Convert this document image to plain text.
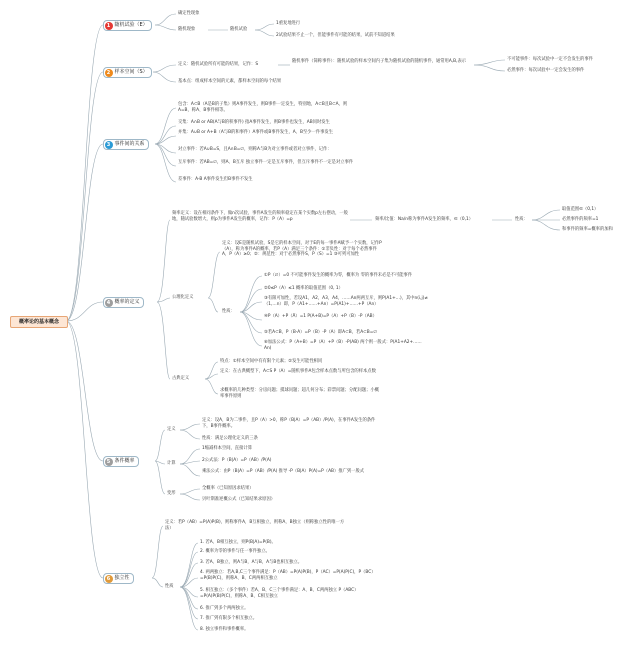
概率论的基本概念
1 随机试验（E）
2 样本空间（S）
3 事件间的关系
4 概率的定义
5 条件概率
6 独立性
确定性现象
随机现象	随机试验
1重复地进行
2试验结果不止一个，但能事件有可能的结果，试前不知道结果
定义：随机试验所有可能的结果，记作：S
基本点：组成样本空间的元素，都样本空间的每个结果
随机事件（简称事件）：随机试验的样本空间内子集为随机试验的随机事件，通常用A,B,表示	不可能事件：每次试验中一定不会发生的事件
必然事件：每次试验中一定会发生的事件
包含：A⊂B（A是B的子集）则A事件发生，则B事件一定发生，特别地，A⊂B且B⊂A，则A=B，称A、B事件相等。
交集：A∩B or AB(A与B的积事件) 指A事件发生，则B事件也发生，AB同时发生
并集：A∪B or A+B（A与B的和事件）A事件或B事件发生，A、B至少一件事发生
对立事件：若A∪B=S，且A∩B=∅，则称A与B为对立事件或者对立事件，记作：
互斥事件：若AB=∅，则A、B互斥 独立事件一定是互斥事件，但互斥事件不一定是对立事件
差事件：A-B A事件发生但B事件不发生
频率定义：设在相同条件下，做n次试验，事件A发生的频率稳定在某个实数p左右摆动，一般地，随试验数增大，则p为事件A发生的概率，记作：P（A）=p	频率/比值：Na/n称为事件A发生的频率，∈（0,1）	性质：
取值范围∈（0,1）
必然事件的频率=1
和事件的频率=概率的加和
公理化定义
定义：设E是随机试验，S是它的样本空间，对于E的每一事件A赋予一个实数，记作P（A），称为事件A的概率，若P（A）满足三个条件：①非负性：对于每个必然事件A，P（A）≥0；②：规范性：对于必然事件S，P（S）=1 ③可列可加性
性质：
①P（∅）=0 不可能事件发生的概率为零，概率为 零的事件未必是不可能事件
②0≤P（A）≤1 概率的取值范围（0, 1）
③有限可加性，若设A1，A2，A3，A4，……An两两互斥，则P(A1+…)，其中n(i,j)≠（1,…n）即，P（A1+……+An）=P(A1)+……+P（An）
④P（A）+P（Ā）=1 P(A+B)=P（A）+P（B）-P（AB）
⑤若A⊂B，P（B-A）=P（B）-P（A）即A⊂B，若A⊂B=∅
⑥加法公式：P（A+B）=P（A）+P（B）-P(AB) 两个则一般式：P(A1+A2+……An)
古典定义
特点：①样本空间中有有限个元素；②发生可能性相同
定义：在古典概型下，A⊂S P（A）=随机事件A包含样本点数与所包含的样本点数
求概率的几种类型：分房问题；摸球问题；超几何分布；彩票问题；分配问题；小概率事件原则
定义
定义：设A，B为二事件，且P（A）>0，称P（B|A）=P（AB）/P(A)，在事件A发生的条件下，B事件概率。
性质：满足公理化定义的三条
计算
1缩减样本空间，直接计算
2公式法：P（B|A）=P（AB）/P(A)
乘法公式：由P（B|A）=P（AB）/P(A) 推导 -P（B|A）P(A)=P（AB）推广到一般式
变形
全概率（已知原因求结果）
贝叶斯准逆概公式（已知结果求原因）
定义：若P（AB）=P(A)P(B)，则称事件A，B互相独立，则称A，B独立（则称独立性的唯一方法）
性质
1. 若A、B相互独立，则P(B|A)=P(B)。
2. 概率为零的事件与任一事件独立。
3. 若A、B独立，则A与B，A与B，A与B也相互独立。
4. 两两独立：若A,B,C三个事件满足：P（AB）=P(A)P(B)，P（AC）=P(A)P(C)，P（BC）=P(B)P(C)，则称A、B、C两两相互独立
5. 相互独立：（多个事件）若A、B、C三个事件满足：A、B、C两两独立 P（ABC）=P(A)P(B)P(C)，则称A、B、C相互独立
6. 推广到多个两两独立。
7. 推广到有限多个相互独立。
8. 独立事件和事件概率。
